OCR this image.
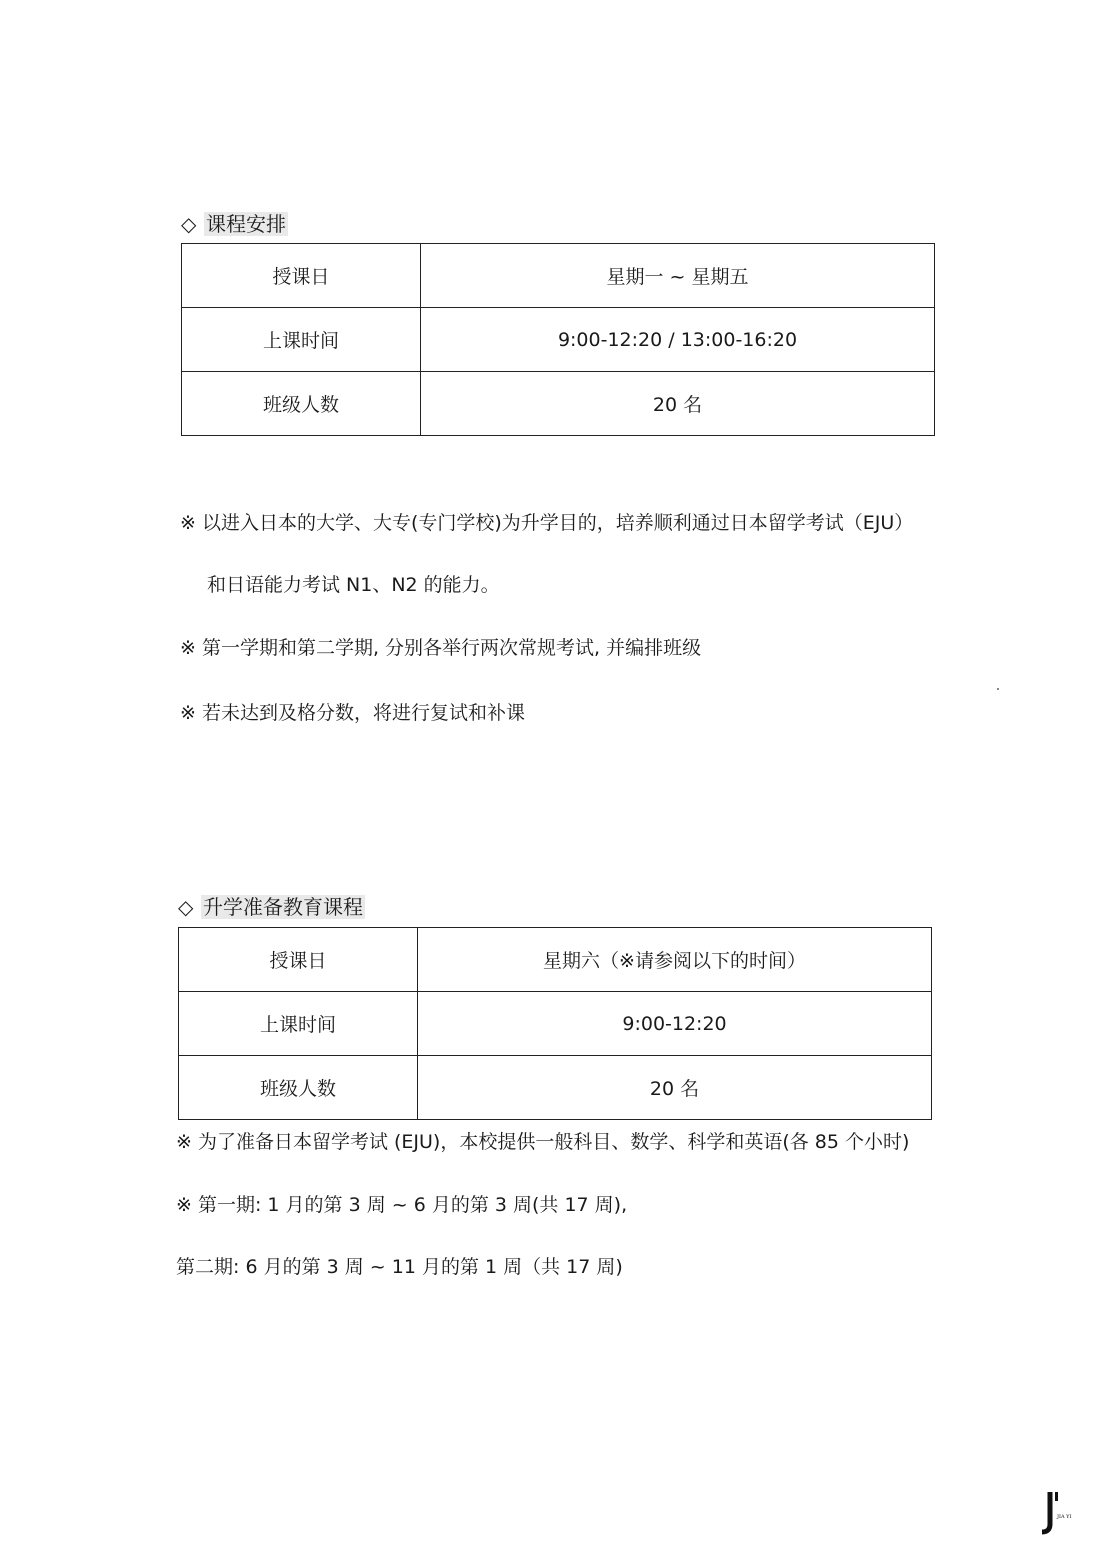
◇ 课程安排
授课日	星期一 ~ 星期五
上课时间	9:00-12:20 / 13:00-16:20
班级人数	20 名
※ 以进入日本的大学、大专(专门学校)为升学目的，培养顺利通过日本留学考试（EJU）
和日语能力考试 N1、N2 的能力。
※ 第一学期和第二学期, 分别各举行两次常规考试, 并编排班级
※ 若未达到及格分数，将进行复试和补课
◇ 升学准备教育课程
授课日	星期六（※请参阅以下的时间）
上课时间	9:00-12:20
班级人数	20 名
※ 为了准备日本留学考试 (EJU)，本校提供一般科目、数学、科学和英语(各 85 个小时)
※ 第一期: 1 月的第 3 周 ~ 6 月的第 3 周(共 17 周),
第二期: 6 月的第 3 周 ~ 11 月的第 1 周（共 17 周)
JIA YI
